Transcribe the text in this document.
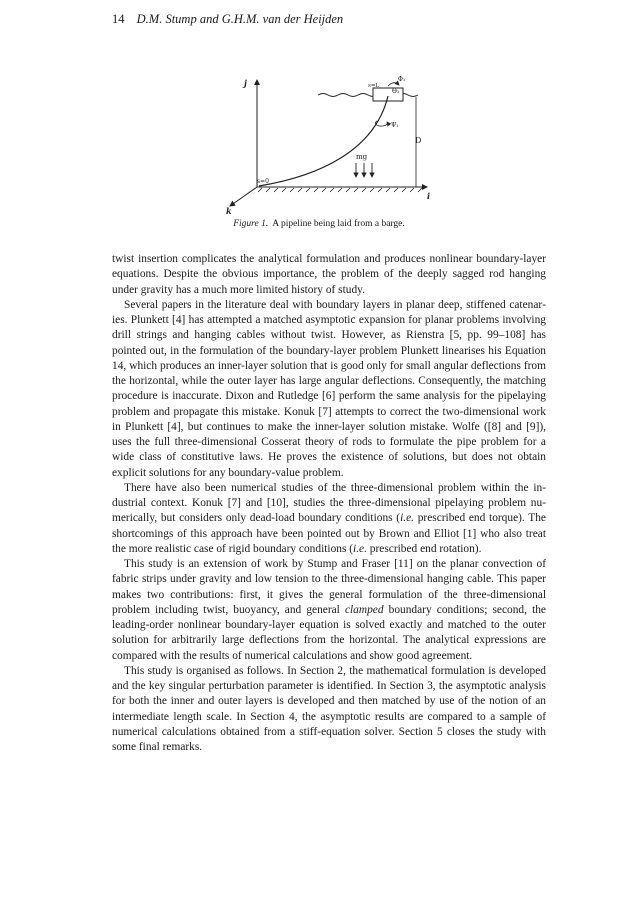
14 D.M. Stump and G.H.M. van der Heijden
j
k
i
D
mg
s=0
s=L
Φ₁
Θ₁
Ψ₁
Figure 1. A pipeline being laid from a barge.

twist insertion complicates the analytical formulation and produces nonlinear boundary-layer equations. Despite the obvious importance, the problem of the deeply sagged rod hanging under gravity has a much more limited history of study.

Several papers in the literature deal with boundary layers in planar deep, stiffened catenaries. Plunkett [4] has attempted a matched asymptotic expansion for planar problems involving drill strings and hanging cables without twist. However, as Rienstra [5, pp. 99–108] has pointed out, in the formulation of the boundary-layer problem Plunkett linearises his Equation 14, which produces an inner-layer solution that is good only for small angular deflections from the horizontal, while the outer layer has large angular deflections. Consequently, the matching procedure is inaccurate. Dixon and Rutledge [6] perform the same analysis for the pipelaying problem and propagate this mistake. Konuk [7] attempts to correct the two-dimensional work in Plunkett [4], but continues to make the inner-layer solution mistake. Wolfe ([8] and [9]), uses the full three-dimensional Cosserat theory of rods to formulate the pipe problem for a wide class of constitutive laws. He proves the existence of solutions, but does not obtain explicit solutions for any boundary-value problem.

There have also been numerical studies of the three-dimensional problem within the industrial context. Konuk [7] and [10], studies the three-dimensional pipelaying problem numerically, but considers only dead-load boundary conditions (i.e. prescribed end torque). The shortcomings of this approach have been pointed out by Brown and Elliot [1] who also treat the more realistic case of rigid boundary conditions (i.e. prescribed end rotation).

This study is an extension of work by Stump and Fraser [11] on the planar convection of fabric strips under gravity and low tension to the three-dimensional hanging cable. This paper makes two contributions: first, it gives the general formulation of the three-dimensional problem including twist, buoyancy, and general clamped boundary conditions; second, the leading-order nonlinear boundary-layer equation is solved exactly and matched to the outer solution for arbitrarily large deflections from the horizontal. The analytical expressions are compared with the results of numerical calculations and show good agreement.

This study is organised as follows. In Section 2, the mathematical formulation is developed and the key singular perturbation parameter is identified. In Section 3, the asymptotic analysis for both the inner and outer layers is developed and then matched by use of the notion of an intermediate length scale. In Section 4, the asymptotic results are compared to a sample of numerical calculations obtained from a stiff-equation solver. Section 5 closes the study with some final remarks.
